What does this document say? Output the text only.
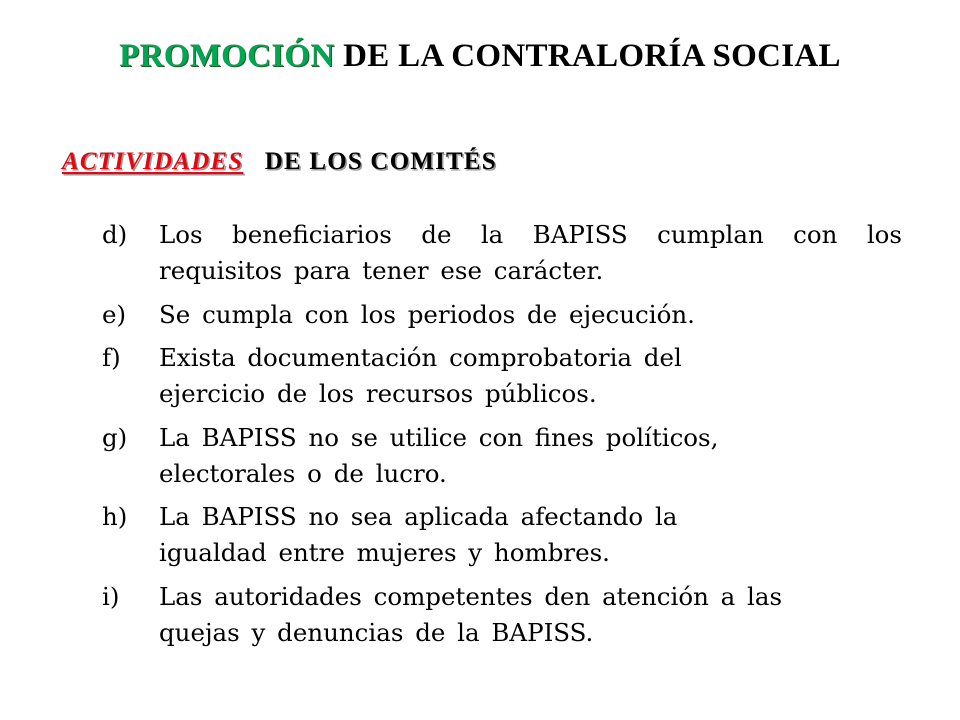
PROMOCIÓN DE LA CONTRALORÍA SOCIAL
ACTIVIDADES DE LOS COMITÉS
d)	Los beneficiarios de la BAPISS cumplan con los requisitos para tener ese carácter.
e)	Se cumpla con los periodos de ejecución.
f)	Exista documentación comprobatoria del ejercicio de los recursos públicos.
g)	La BAPISS no se utilice con fines políticos, electorales o de lucro.
h)	La BAPISS no sea aplicada afectando la igualdad entre mujeres y hombres.
i)	Las autoridades competentes den atención a las quejas y denuncias de la BAPISS.
